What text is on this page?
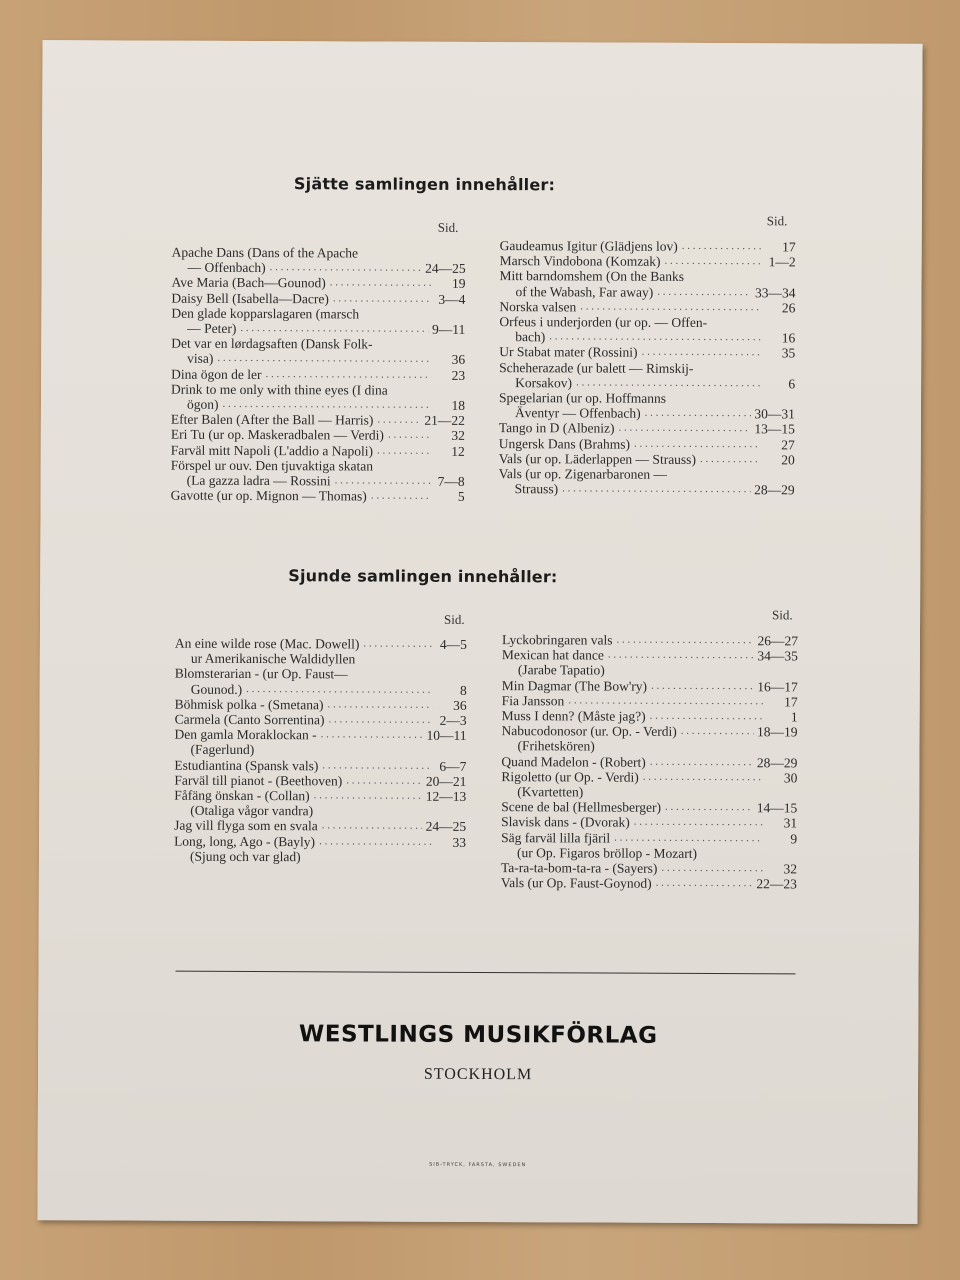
Sjätte samlingen innehåller:
Sid.	Sid.
Apache Dans (Dans of the Apache
— Offenbach) . . .	24—25
Ave Maria (Bach—Gounod) . . .	19
Daisy Bell (Isabella—Dacre) . . .	3—4
Den glade kopparslagaren (marsch
— Peter) . . .	9—11
Det var en lørdagsaften (Dansk Folk-
visa) . . .	36
Dina ögon de ler . . .	23
Drink to me only with thine eyes (I dina
ögon) . . .	18
Efter Balen (After the Ball — Harris) . . .	21—22
Eri Tu (ur op. Maskeradbalen — Verdi) . . .	32
Farväl mitt Napoli (L'addio a Napoli) . . .	12
Förspel ur ouv. Den tjuvaktiga skatan
(La gazza ladra — Rossini . . .	7—8
Gavotte (ur op. Mignon — Thomas) . . .	5
Gaudeamus Igitur (Glädjens lov) . . .	17
Marsch Vindobona (Komzak) . . .	1—2
Mitt barndomshem (On the Banks
of the Wabash, Far away) . . .	33—34
Norska valsen . . .	26
Orfeus i underjorden (ur op. — Offen-
bach) . . .	16
Ur Stabat mater (Rossini) . . .	35
Scheherazade (ur balett — Rimskij-
Korsakov) . . .	6
Spegelarian (ur op. Hoffmanns
Äventyr — Offenbach) . . .	30—31
Tango in D (Albeniz) . . .	13—15
Ungersk Dans (Brahms) . . .	27
Vals (ur op. Läderlappen — Strauss) . . .	20
Vals (ur op. Zigenarbaronen —
Strauss) . . .	28—29
Sjunde samlingen innehåller:
Sid.	Sid.
An eine wilde rose (Mac. Dowell) . . .	4—5
ur Amerikanische Waldidyllen
Blomsterarian - (ur Op. Faust—
Gounod.) . . .	8
Böhmisk polka - (Smetana) . . .	36
Carmela (Canto Sorrentina) . . .	2—3
Den gamla Moraklockan - . . .	10—11
(Fagerlund)
Estudiantina (Spansk vals) . . .	6—7
Farväl till pianot - (Beethoven) . . .	20—21
Fåfäng önskan - (Collan) . . .	12—13
(Otaliga vågor vandra)
Jag vill flyga som en svala . . .	24—25
Long, long, Ago - (Bayly) . . .	33
(Sjung och var glad)
Lyckobringaren vals . . .	26—27
Mexican hat dance . . .	34—35
(Jarabe Tapatio)
Min Dagmar (The Bow'ry) . . .	16—17
Fia Jansson . . .	17
Muss I denn? (Måste jag?) . . .	1
Nabucodonosor (ur. Op. - Verdi) . . .	18—19
(Frihetskören)
Quand Madelon - (Robert) . . .	28—29
Rigoletto (ur Op. - Verdi) . . .	30
(Kvartetten)
Scene de bal (Hellmesberger) . . .	14—15
Slavisk dans - (Dvorak) . . .	31
Säg farväl lilla fjäril . . .	9
(ur Op. Figaros bröllop - Mozart)
Ta-ra-ta-bom-ta-ra - (Sayers) . . .	32
Vals (ur Op. Faust-Goynod) . . .	22—23
WESTLINGS MUSIKFÖRLAG
STOCKHOLM
SIB-TRYCK, FARSTA, SWEDEN
